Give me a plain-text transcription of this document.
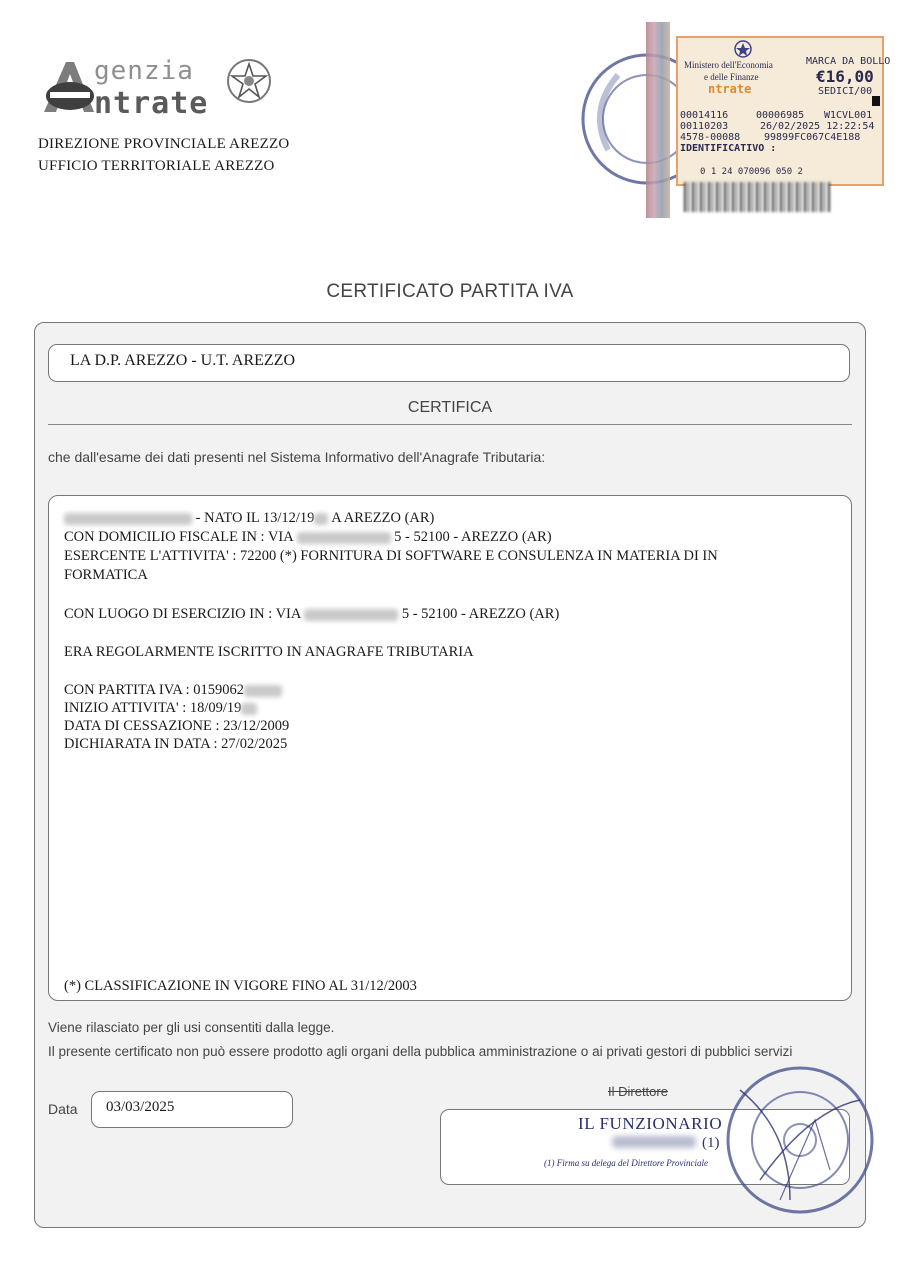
genzia
ntrate
DIREZIONE PROVINCIALE AREZZO
UFFICIO TERRITORIALE AREZZO
Ministero dell'Economia
e delle Finanze
MARCA DA BOLLO
€16,00
SEDICI/00
ntrate
00014116	00006985 W1CVL001
00110203	26/02/2025 12:22:54
4578-00088 99899FC067C4E188
IDENTIFICATIVO :
0 1 24 070096 050 2
CERTIFICATO PARTITA IVA
LA D.P. AREZZO - U.T. AREZZO
CERTIFICA
che dall'esame dei dati presenti nel Sistema Informativo dell'Anagrafe Tributaria:
- NATO IL 13/12/19 A AREZZO (AR)
CON DOMICILIO FISCALE IN : VIA	5 - 52100 - AREZZO (AR)
ESERCENTE L'ATTIVITA' : 72200 (*) FORNITURA DI SOFTWARE E CONSULENZA IN MATERIA DI IN
FORMATICA
CON LUOGO DI ESERCIZIO IN : VIA	5 - 52100 - AREZZO (AR)
ERA REGOLARMENTE ISCRITTO IN ANAGRAFE TRIBUTARIA
CON PARTITA IVA : 0159062
INIZIO ATTIVITA' : 18/09/19
DATA DI CESSAZIONE : 23/12/2009
DICHIARATA IN DATA : 27/02/2025
(*) CLASSIFICAZIONE IN VIGORE FINO AL 31/12/2003
Viene rilasciato per gli usi consentiti dalla legge.
Il presente certificato non può essere prodotto agli organi della pubblica amministrazione o ai privati gestori di pubblici servizi
Data 03/03/2025
Il Direttore
IL FUNZIONARIO
(1)
(1) Firma su delega del Direttore Provinciale
